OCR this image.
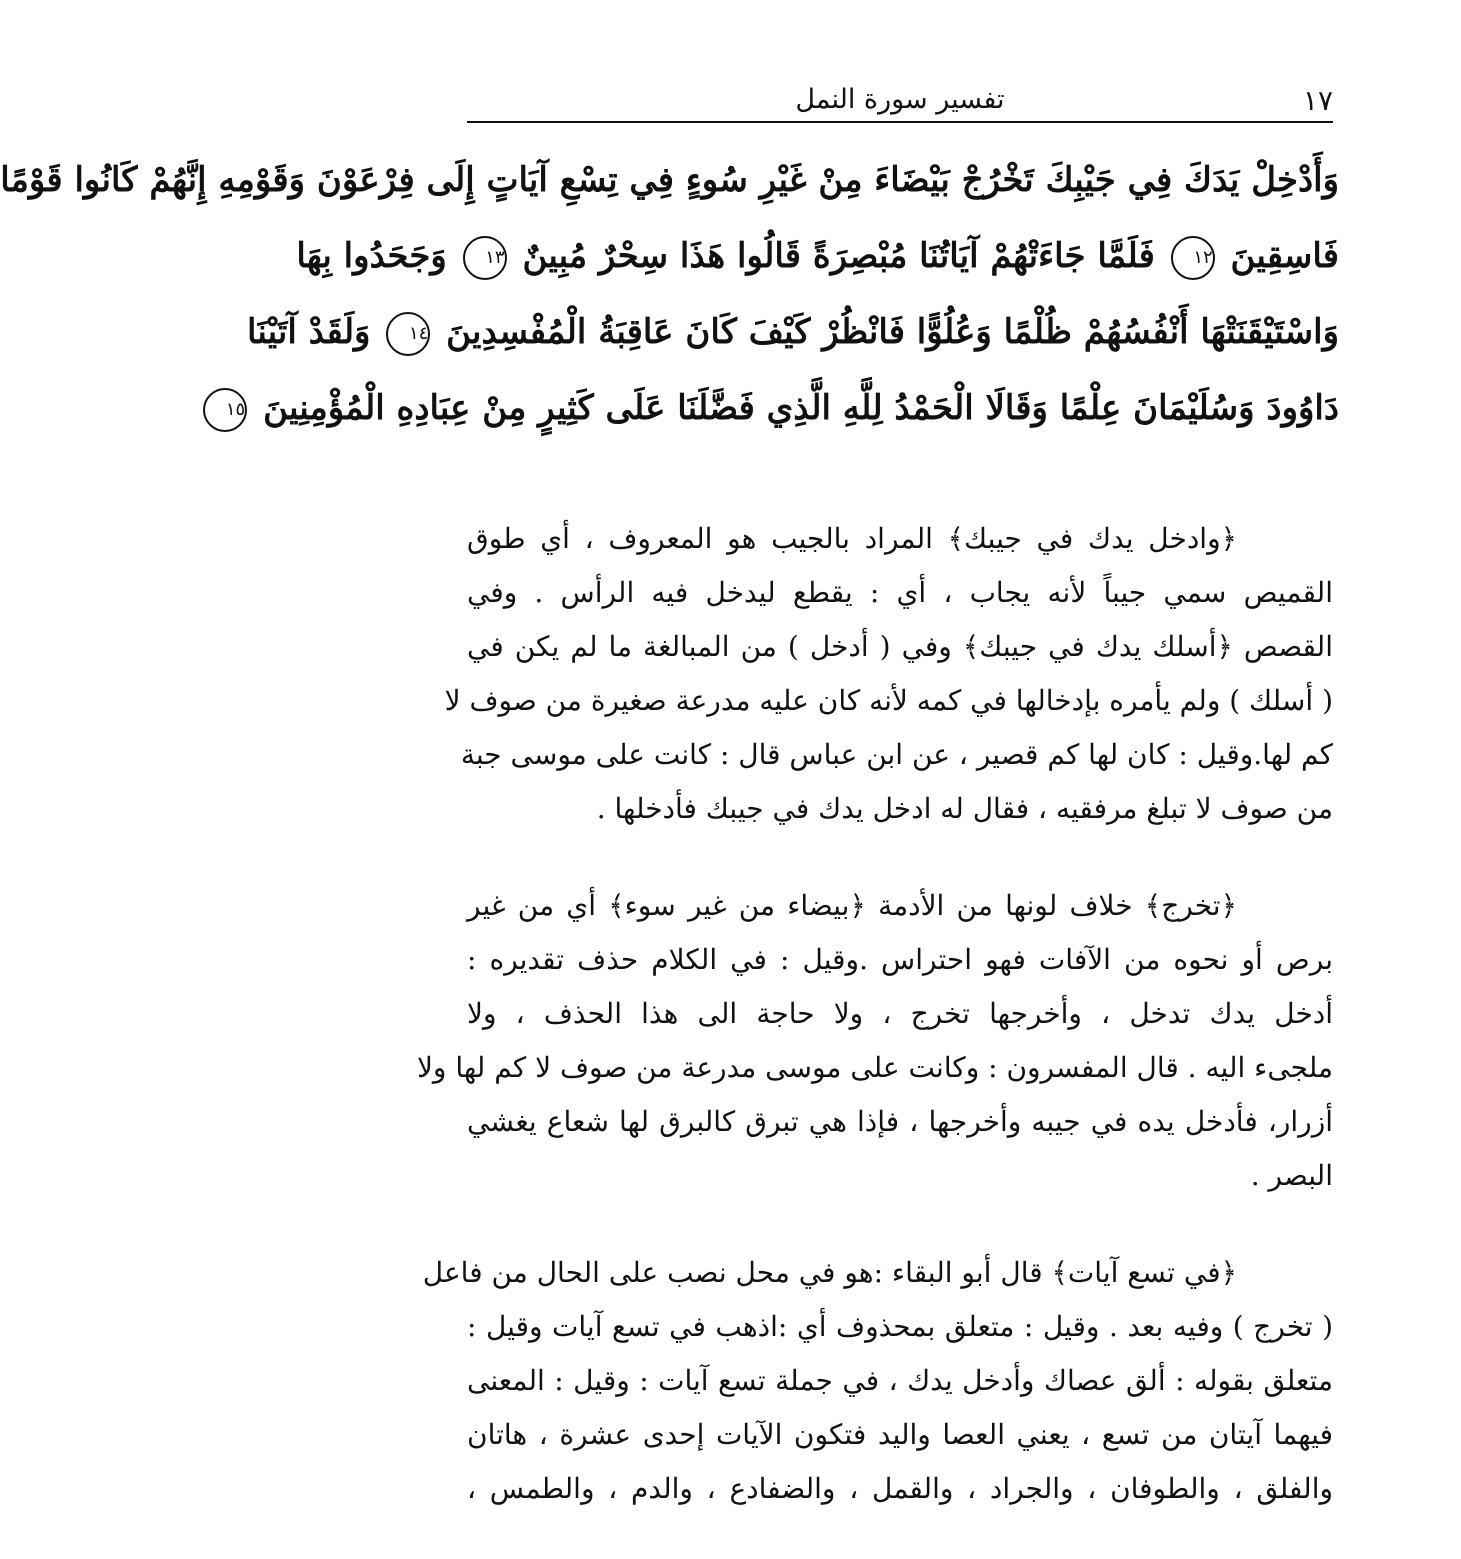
١٧
تفسير سورة النمل
وَأَدْخِلْ يَدَكَ فِي جَيْبِكَ تَخْرُجْ بَيْضَاءَ مِنْ غَيْرِ سُوءٍ فِي تِسْعِ آيَاتٍ إِلَى فِرْعَوْنَ وَقَوْمِهِ إِنَّهُمْ كَانُوا قَوْمًا
فَاسِقِينَ ١٢ فَلَمَّا جَاءَتْهُمْ آيَاتُنَا مُبْصِرَةً قَالُوا هَذَا سِحْرٌ مُبِينٌ ١٣ وَجَحَدُوا بِهَا
وَاسْتَيْقَنَتْهَا أَنْفُسُهُمْ ظُلْمًا وَعُلُوًّا فَانْظُرْ كَيْفَ كَانَ عَاقِبَةُ الْمُفْسِدِينَ ١٤ وَلَقَدْ آتَيْنَا
دَاوُودَ وَسُلَيْمَانَ عِلْمًا وَقَالَا الْحَمْدُ لِلَّهِ الَّذِي فَضَّلَنَا عَلَى كَثِيرٍ مِنْ عِبَادِهِ الْمُؤْمِنِينَ ١٥
﴿وادخل يدك في جيبك﴾ المراد بالجيب هو المعروف ، أي طوق
القميص سمي جيباً لأنه يجاب ، أي : يقطع ليدخل فيه الرأس . وفي
القصص ﴿أسلك يدك في جيبك﴾ وفي ( أدخل ) من المبالغة ما لم يكن في
( أسلك ) ولم يأمره بإدخالها في كمه لأنه كان عليه مدرعة صغيرة من صوف لا
كم لها.وقيل : كان لها كم قصير ، عن ابن عباس قال : كانت على موسى جبة
من صوف لا تبلغ مرفقيه ، فقال له ادخل يدك في جيبك فأدخلها .
﴿تخرج﴾ خلاف لونها من الأدمة ﴿بيضاء من غير سوء﴾ أي من غير
برص أو نحوه من الآفات فهو احتراس .وقيل : في الكلام حذف تقديره :
أدخل يدك تدخل ، وأخرجها تخرج ، ولا حاجة الى هذا الحذف ، ولا
ملجىء اليه . قال المفسرون : وكانت على موسى مدرعة من صوف لا كم لها ولا
أزرار، فأدخل يده في جيبه وأخرجها ، فإذا هي تبرق كالبرق لها شعاع يغشي
البصر .
﴿في تسع آيات﴾ قال أبو البقاء :هو في محل نصب على الحال من فاعل
( تخرج ) وفيه بعد . وقيل : متعلق بمحذوف أي :اذهب في تسع آيات وقيل :
متعلق بقوله : ألق عصاك وأدخل يدك ، في جملة تسع آيات : وقيل : المعنى
فيهما آيتان من تسع ، يعني العصا واليد فتكون الآيات إحدى عشرة ، هاتان
والفلق ، والطوفان ، والجراد ، والقمل ، والضفادع ، والدم ، والطمس ،
